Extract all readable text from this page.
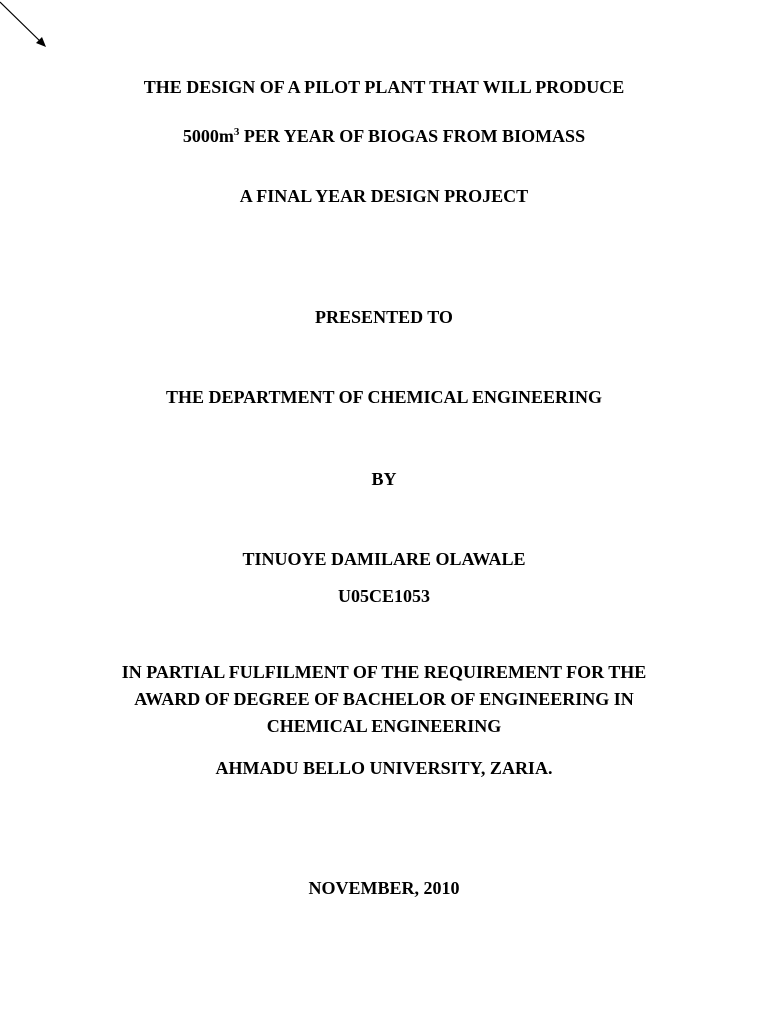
THE DESIGN OF A PILOT PLANT THAT WILL PRODUCE
$5000m^3$ PER YEAR OF BIOGAS FROM BIOMASS
A FINAL YEAR DESIGN PROJECT
PRESENTED TO
THE DEPARTMENT OF CHEMICAL ENGINEERING
BY
TINUOYE DAMILARE OLAWALE
U05CE1053
IN PARTIAL FULFILMENT OF THE REQUIREMENT FOR THE
AWARD OF DEGREE OF BACHELOR OF ENGINEERING IN
CHEMICAL ENGINEERING
AHMADU BELLO UNIVERSITY, ZARIA.
NOVEMBER, 2010
